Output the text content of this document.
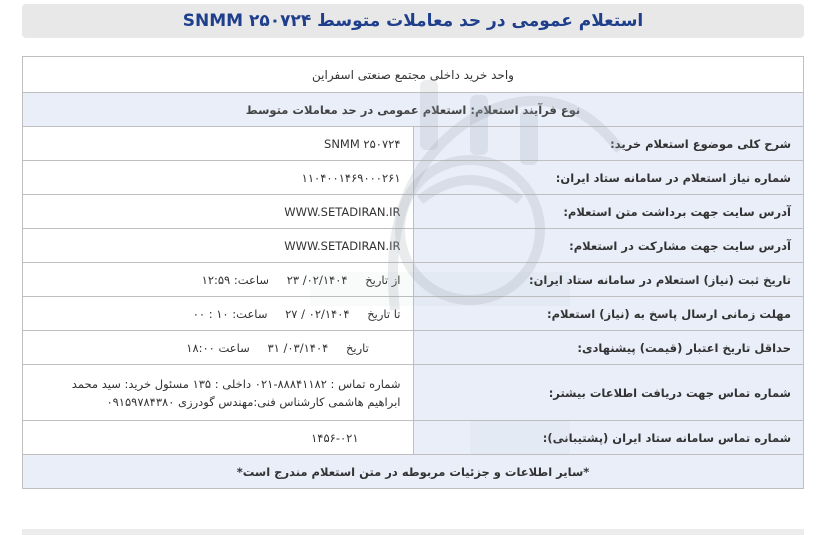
استعلام عمومی در حد معاملات متوسط SNMM ۲۵۰۷۲۴
واحد خرید داخلی مجتمع صنعتی اسفراین	
نوع فرآیند استعلام: استعلام عمومی در حد معاملات متوسط	
شرح کلی موضوع استعلام خرید:	SNMM ۲۵۰۷۲۴
شماره نیاز استعلام در سامانه ستاد ایران:	۱۱۰۴۰۰۱۴۶۹۰۰۰۲۶۱
آدرس سایت جهت برداشت متن استعلام:	WWW.SETADIRAN.IR
آدرس سایت جهت مشارکت در استعلام:	WWW.SETADIRAN.IR
تاریخ ثبت (نیاز) استعلام در سامانه ستاد ایران:	از تاریخ ۰۲/۱۴۰۴/ ۲۳ ساعت: ۱۲:۵۹
مهلت زمانی ارسال پاسخ به (نیاز) استعلام:	تا تاریخ ۰۲/۱۴۰۴ / ۲۷ ساعت: ۰۰ : ۱۰
حداقل تاریخ اعتبار (قیمت) پیشنهادی:	تاریخ ۰۳/۱۴۰۴/ ۳۱ ساعت ۱۸:۰۰
شماره تماس جهت دریافت اطلاعات بیشتر:	شماره تماس : ۸۸۸۴۱۱۸۲-۰۲۱ داخلی : ۱۳۵ مسئول خرید: سید محمد
ابراهیم هاشمی کارشناس فنی:مهندس گودرزی ۰۹۱۵۹۷۸۴۳۸۰

شماره تماس سامانه ستاد ایران (پشتیبانی):	۱۴۵۶-۰۲۱
*سایر اطلاعات و جزئیات مربوطه در متن استعلام مندرج است*	
